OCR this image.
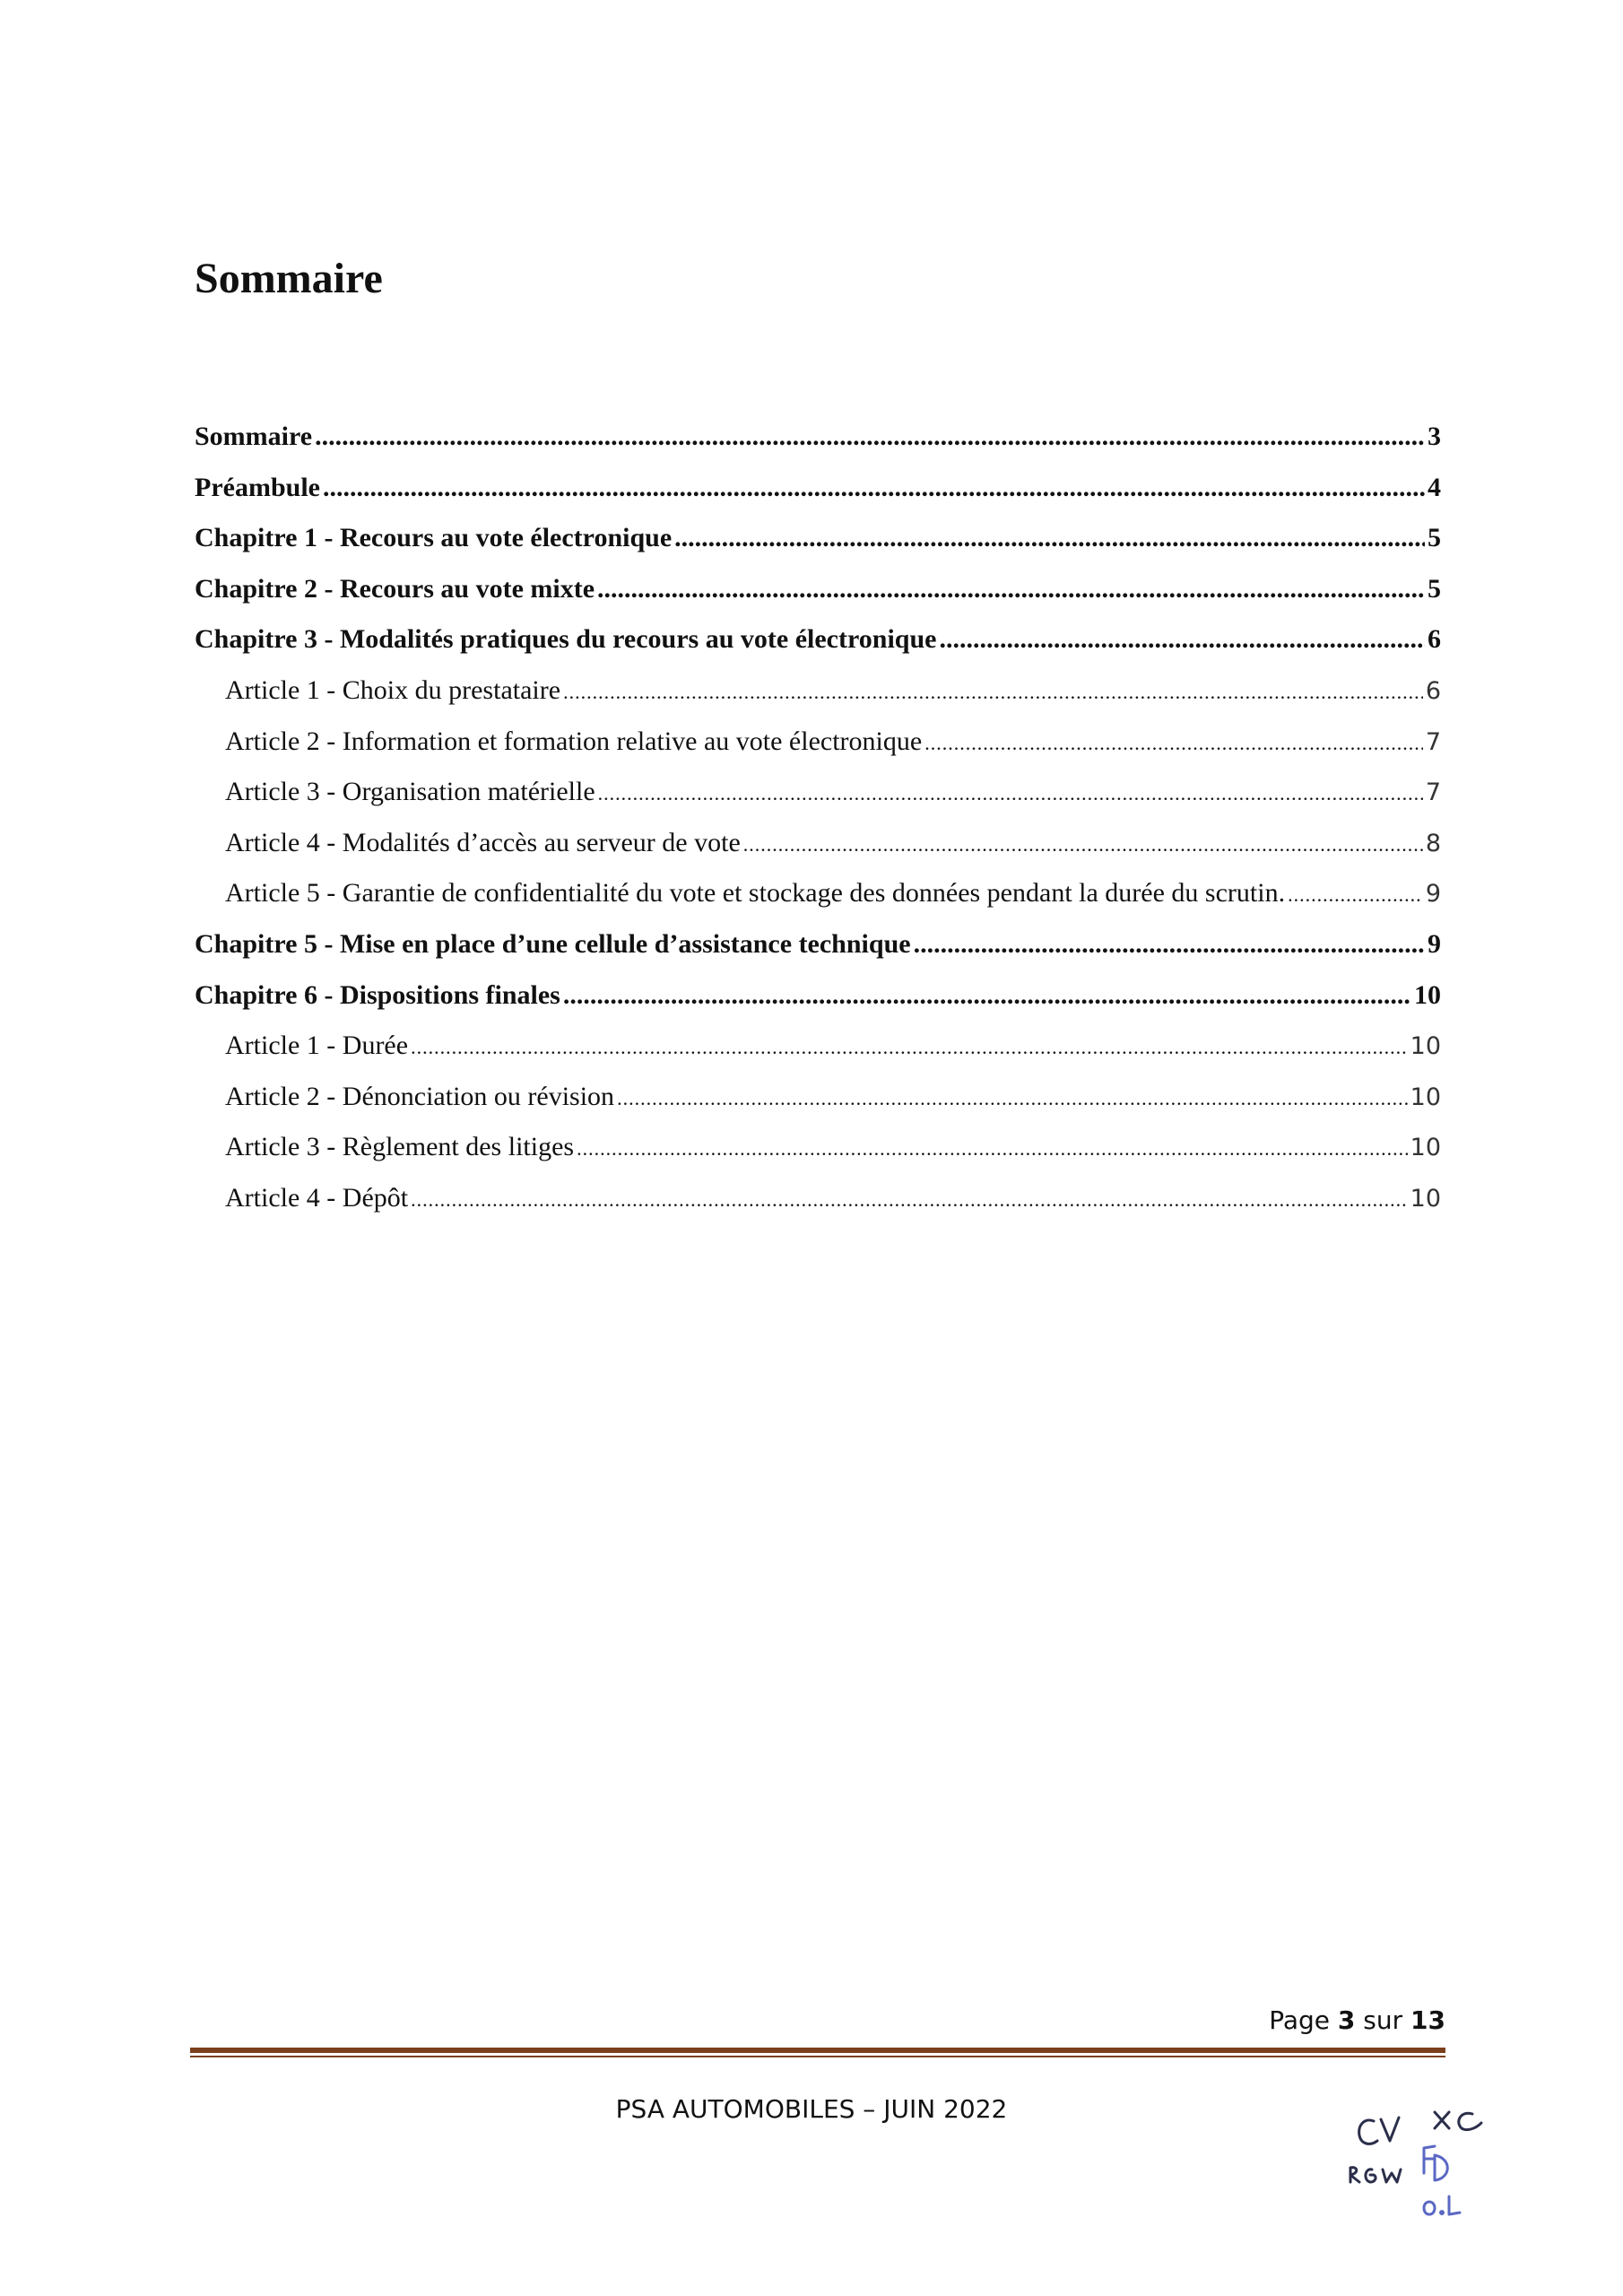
Sommaire
Sommaire .....	3
Préambule .....	4
Chapitre 1 - Recours au vote électronique .....	5
Chapitre 2 - Recours au vote mixte .....	5
Chapitre 3 - Modalités pratiques du recours au vote électronique .....	6
Article 1 - Choix du prestataire .....	6
Article 2 - Information et formation relative au vote électronique .....	7
Article 3 - Organisation matérielle .....	7
Article 4 - Modalités d’accès au serveur de vote .....	8
Article 5 - Garantie de confidentialité du vote et stockage des données pendant la durée du scrutin. .....	9
Chapitre 5 - Mise en place d’une cellule d’assistance technique .....	9
Chapitre 6 - Dispositions finales .....	10
Article 1 - Durée .....	10
Article 2 - Dénonciation ou révision .....	10
Article 3 - Règlement des litiges .....	10
Article 4 - Dépôt .....	10
Page 3 sur 13
PSA AUTOMOBILES – JUIN 2022
